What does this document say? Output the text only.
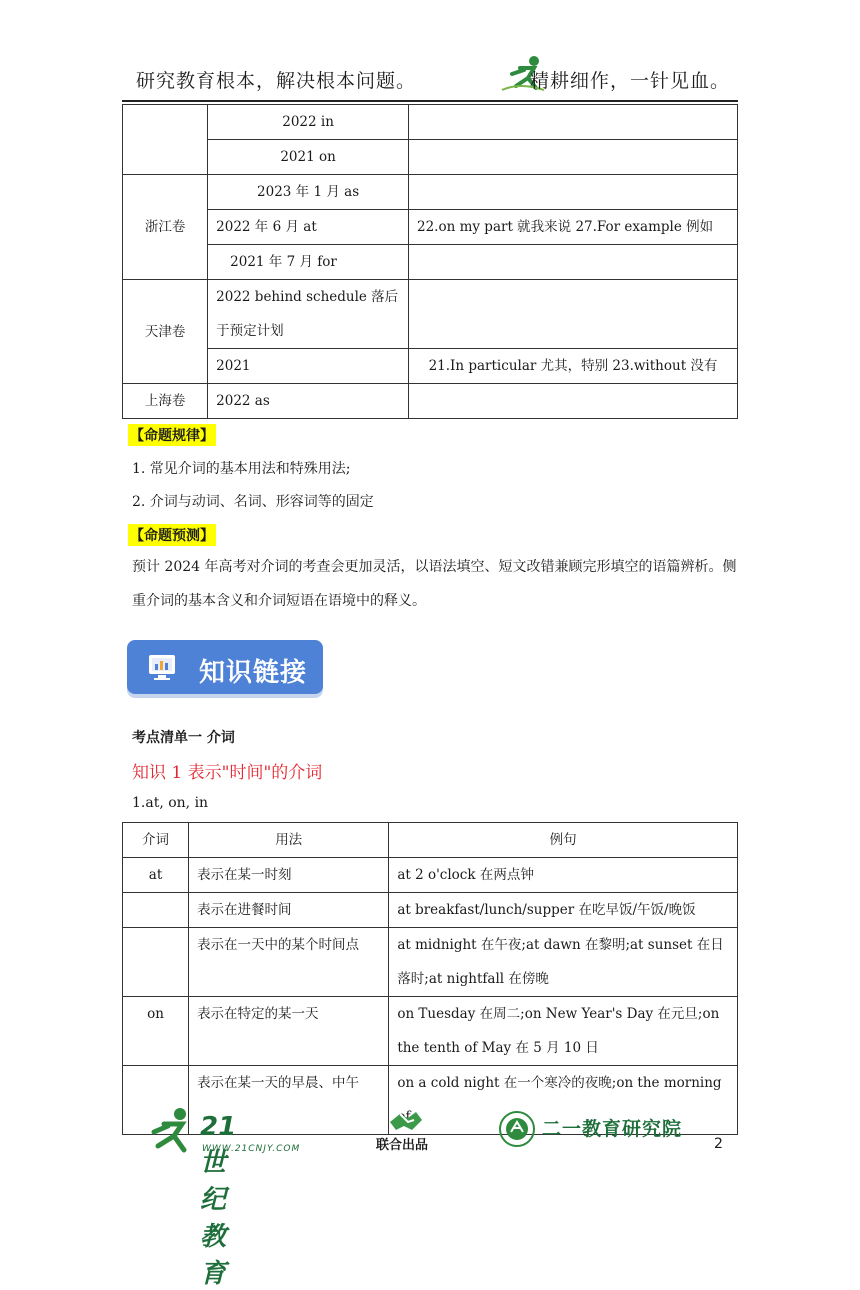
研究教育根本，解决根本问题。	精耕细作，一针见血。
	2022 in	
	2021 on	
浙江卷	2023 年 1 月 as	
	2022 年 6 月 at	22.on my part 就我来说 27.For example 例如
	2021 年 7 月 for	
天津卷	2022 behind schedule 落后于预定计划	
	2021	21.In particular 尤其，特别 23.without 没有
上海卷	2022 as	
【命题规律】
1. 常见介词的基本用法和特殊用法;
2. 介词与动词、名词、形容词等的固定
【命题预测】
预计 2024 年高考对介词的考查会更加灵活，以语法填空、短文改错兼顾完形填空的语篇辨析。侧重介词的基本含义和介词短语在语境中的释义。
知识链接
考点清单一 介词
知识 1 表示"时间"的介词
1.at, on, in
介词	用法	例句
at	表示在某一时刻	at 2 o'clock 在两点钟
	表示在进餐时间	at breakfast/lunch/supper 在吃早饭/午饭/晚饭
	表示在一天中的某个时间点	at midnight 在午夜;at dawn 在黎明;at sunset 在日落时;at nightfall 在傍晚
on	表示在特定的某一天	on Tuesday 在周二;on New Year's Day 在元旦;on the tenth of May 在 5 月 10 日
	表示在某一天的早晨、中午	on a cold night 在一个寒冷的夜晚;on the morning
21世纪教育
WWW.21CNJY.COM	联合出品
二一教育研究院
2
